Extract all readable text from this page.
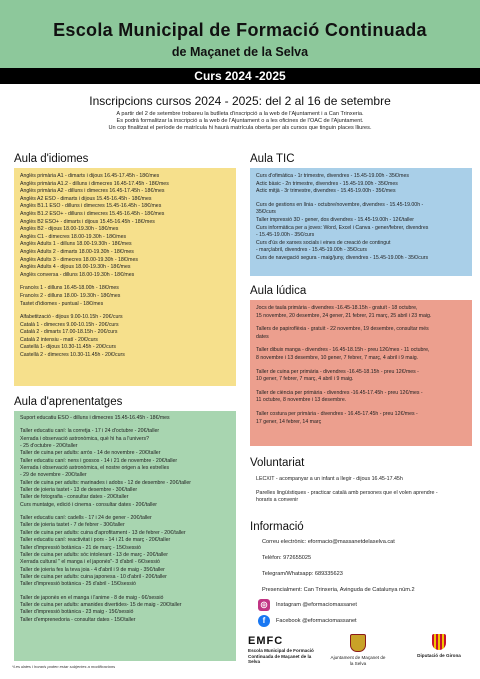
Escola Municipal de Formació Continuada
de Maçanet de la Selva
Curs 2024 -2025
Inscripcions cursos 2024 - 2025: del 2 al 16 de setembre
A partir del 2 de setembre trobareu la butlleta d'inscripció a la web de l'Ajuntament i a Can Trinxeria.
Es podrà formalitzar la inscripció a la web de l'Ajuntament o a les oficines de l'OAC de l'Ajuntament.
Un cop finalitzat el període de matrícula hi haurà matrícula oberta per als cursos que tinguin places lliures.
Aula d'idiomes
Anglès primària A1 - dimarts i dijous 16.45-17.45h - 18€/mes
Anglès primària A1.2 - dilluns i dimecres 16.45-17.45h - 18€/mes
Anglès primària A2 - dilluns i dimecres 16.45-17.45h - 18€/mes
Anglès A2 ESO - dimarts i dijous 15.45-16.45h - 18€/mes
Anglès B1.1 ESO - dilluns i dimecres 15.45-16.45h - 18€/mes
Anglès B1.2 ESO+ - dilluns i dimecres 15.45-16.45h - 18€/mes
Anglès B2 ESO+ - dimarts i dijous 15.45-16.45h - 18€/mes
Anglès B2 - dijous 18.00-19.30h - 18€/mes
Anglès C1 - dimecres 18.00-19.30h - 18€/mes
Anglès Adults 1 - dilluns 18.00-19.30h - 18€/mes
Anglès Adults 2 - dimarts 18.00-19.30h - 18€/mes
Anglès Adults 3 - dimecres 18.00-19.30h - 18€/mes
Anglès Adults 4 - dijous 18.00-19.30h - 18€/mes
Anglès conversa - dilluns 18.00-19.30h - 18€/mes
Francès 1 - dilluns 16.45-18.00h - 18€/mes
Francès 2 - dilluns 18.00- 19.30h - 18€/mes
Tastet d'idiomes - puntual - 18€/mes
Alfabetització - dijous 9.00-10.15h - 20€/curs
Català 1 - dimecres 9.00-10.15h - 20€/curs
Català 2 - dimarts 17.00-18.15h - 20€/curs
Català 2 intensiu - matí - 20€/curs
Castellà 1- dijous 10.30-11.45h - 20€/curs
Castellà 2 - dimecres 10.30-11.45h - 20€/curs
Aula d'aprenentatges
Suport educatiu ESO - dilluns i dimecres 15.45-16.45h - 18€/mes
Taller educatiu caní: la corretja - 17 i 24 d'octubre - 20€/taller
Xerrada i observació astronòmica, què hi ha a l'univers?
- 25 d'octubre - 20€/taller
Taller de cuina per adults: arròs - 14 de novembre - 20€/taller
Taller educatiu caní: nens i gossos - 14 i 21 de novembre - 20€/taller
Xerrada i observació astronòmica, el nostre origen a les estrelles
- 29 de novembre - 20€/taller
Taller de cuina per adults: marinades i adobs - 12 de desembre - 20€/taller
Taller de joieria tastet - 13 de desembre - 30€/taller
Taller de fotografia - consultar dates - 20€/taller
Curs muntatge, edició i cinema - consultar dates - 20€/taller
Taller educatiu caní: cadells - 17 i 24 de gener - 20€/taller
Taller de joieria tastet - 7 de febrer - 30€/taller
Taller de cuina per adults: cuina d'aprofitament - 13 de febrer - 20€/taller
Taller educatiu caní: reactivitat i pors - 14 i 21 de març - 20€/taller
Taller d'impressió botànica - 21 de març - 15€/sessió
Taller de cuina per adults: sóc intolerant - 13 de març - 20€/taller
Xerrada cultural " el manga i el japonès"- 3 d'abril - 6€/sessió
Taller de joieria fes la teva joia - 4 d'abril i 9 de maig - 35€/taller
Taller de cuina per adults: cuina japonesa - 10 d'abril - 20€/taller
Taller d'impressió botànica - 25 d'abril - 15€/sessió
Taller de japonès en el manga i l'anime - 8 de maig - 6€/sessió
Taller de cuina per adults: amanides divertides- 15 de maig - 20€/taller
Taller d'impressió botànica - 23 maig - 15€/sessió
Taller d'emprenedoria - consultar dates - 15€/taller
Aula TIC
Curs d'ofimàtica - 1r trimestre, divendres - 15.45-19.00h - 35€/mes
Actic bàsic - 2n trimestre, divendres - 15.45-19.00h - 35€/mes
Actic mitjà - 3r trimestre, divendres - 15.45-19.00h - 35€/mes
Curs de gestions en línia - octubre/novembre, divendres - 15.45-19.00h -
35€/curs
Taller impressió 3D - gener, dos divendres - 15.45-19.00h - 12€/taller
Curs informàtica per a joves: Word, Excel i Canva - gener/febrer, divendres
- 15.45-19.00h - 35€/curs
Curs d'ús de xarxes socials i eines de creació de contingut
- març/abril, divendres - 15.45-19.00h - 35€/curs
Curs de navegació segura - maig/juny, divendres - 15.45-19.00h - 35€/curs
Aula lúdica
Jocs de taula primària - divendres -16.45-18.15h - gratuït - 18 octubre,
15 novembre, 20 desembre, 24 gener, 21 febrer, 21 març, 25 abril i 23 maig.
Tallers de papiroflèxia - gratuït - 22 novembre, 19 desembre, consultar més
dates
Taller dibuix manga - divendres - 16.45-18.15h - preu 12€/mes - 11 octubre,
8 novembre i 13 desembre, 10 gener, 7 febrer, 7 març, 4 abril i 9 maig.
Taller de cuina per primària - divendres -16.45-18.15h - preu 12€/mes -
10 gener, 7 febrer, 7 març, 4 abril i 9 maig.
Taller de ciència per primària - divendres -16.45-17.45h - preu 12€/mes -
11 octubre, 8 novembre i 13 desembre.
Taller costura per primària - divendres - 16.45-17.45h - preu 12€/mes -
17 gener, 14 febrer, 14 març
Voluntariat
LECXIT - acompanyar a un infant a llegir - dijous 16.45-17.45h
Parelles lingüístiques - practicar català amb persones que el volen aprendre -
horaris a convenir
Informació
Correu electrònic: eformacio@massanetdelaselva.cat
Telèfon: 972655025
Telegram/Whatsapp: 689335623
Presencialment: Can Trinxeria, Avinguda de Catalunya núm.2
◎	Instagram @eformaciomassanet
f	Facebook @eformaciomassanet
EMFC
Escola Municipal de Formació Continuada de Maçanet de la Selva
Ajuntament de Maçanet de la Selva
Diputació de Girona
*Les dates i horaris poden estar subjectes a modificacions
